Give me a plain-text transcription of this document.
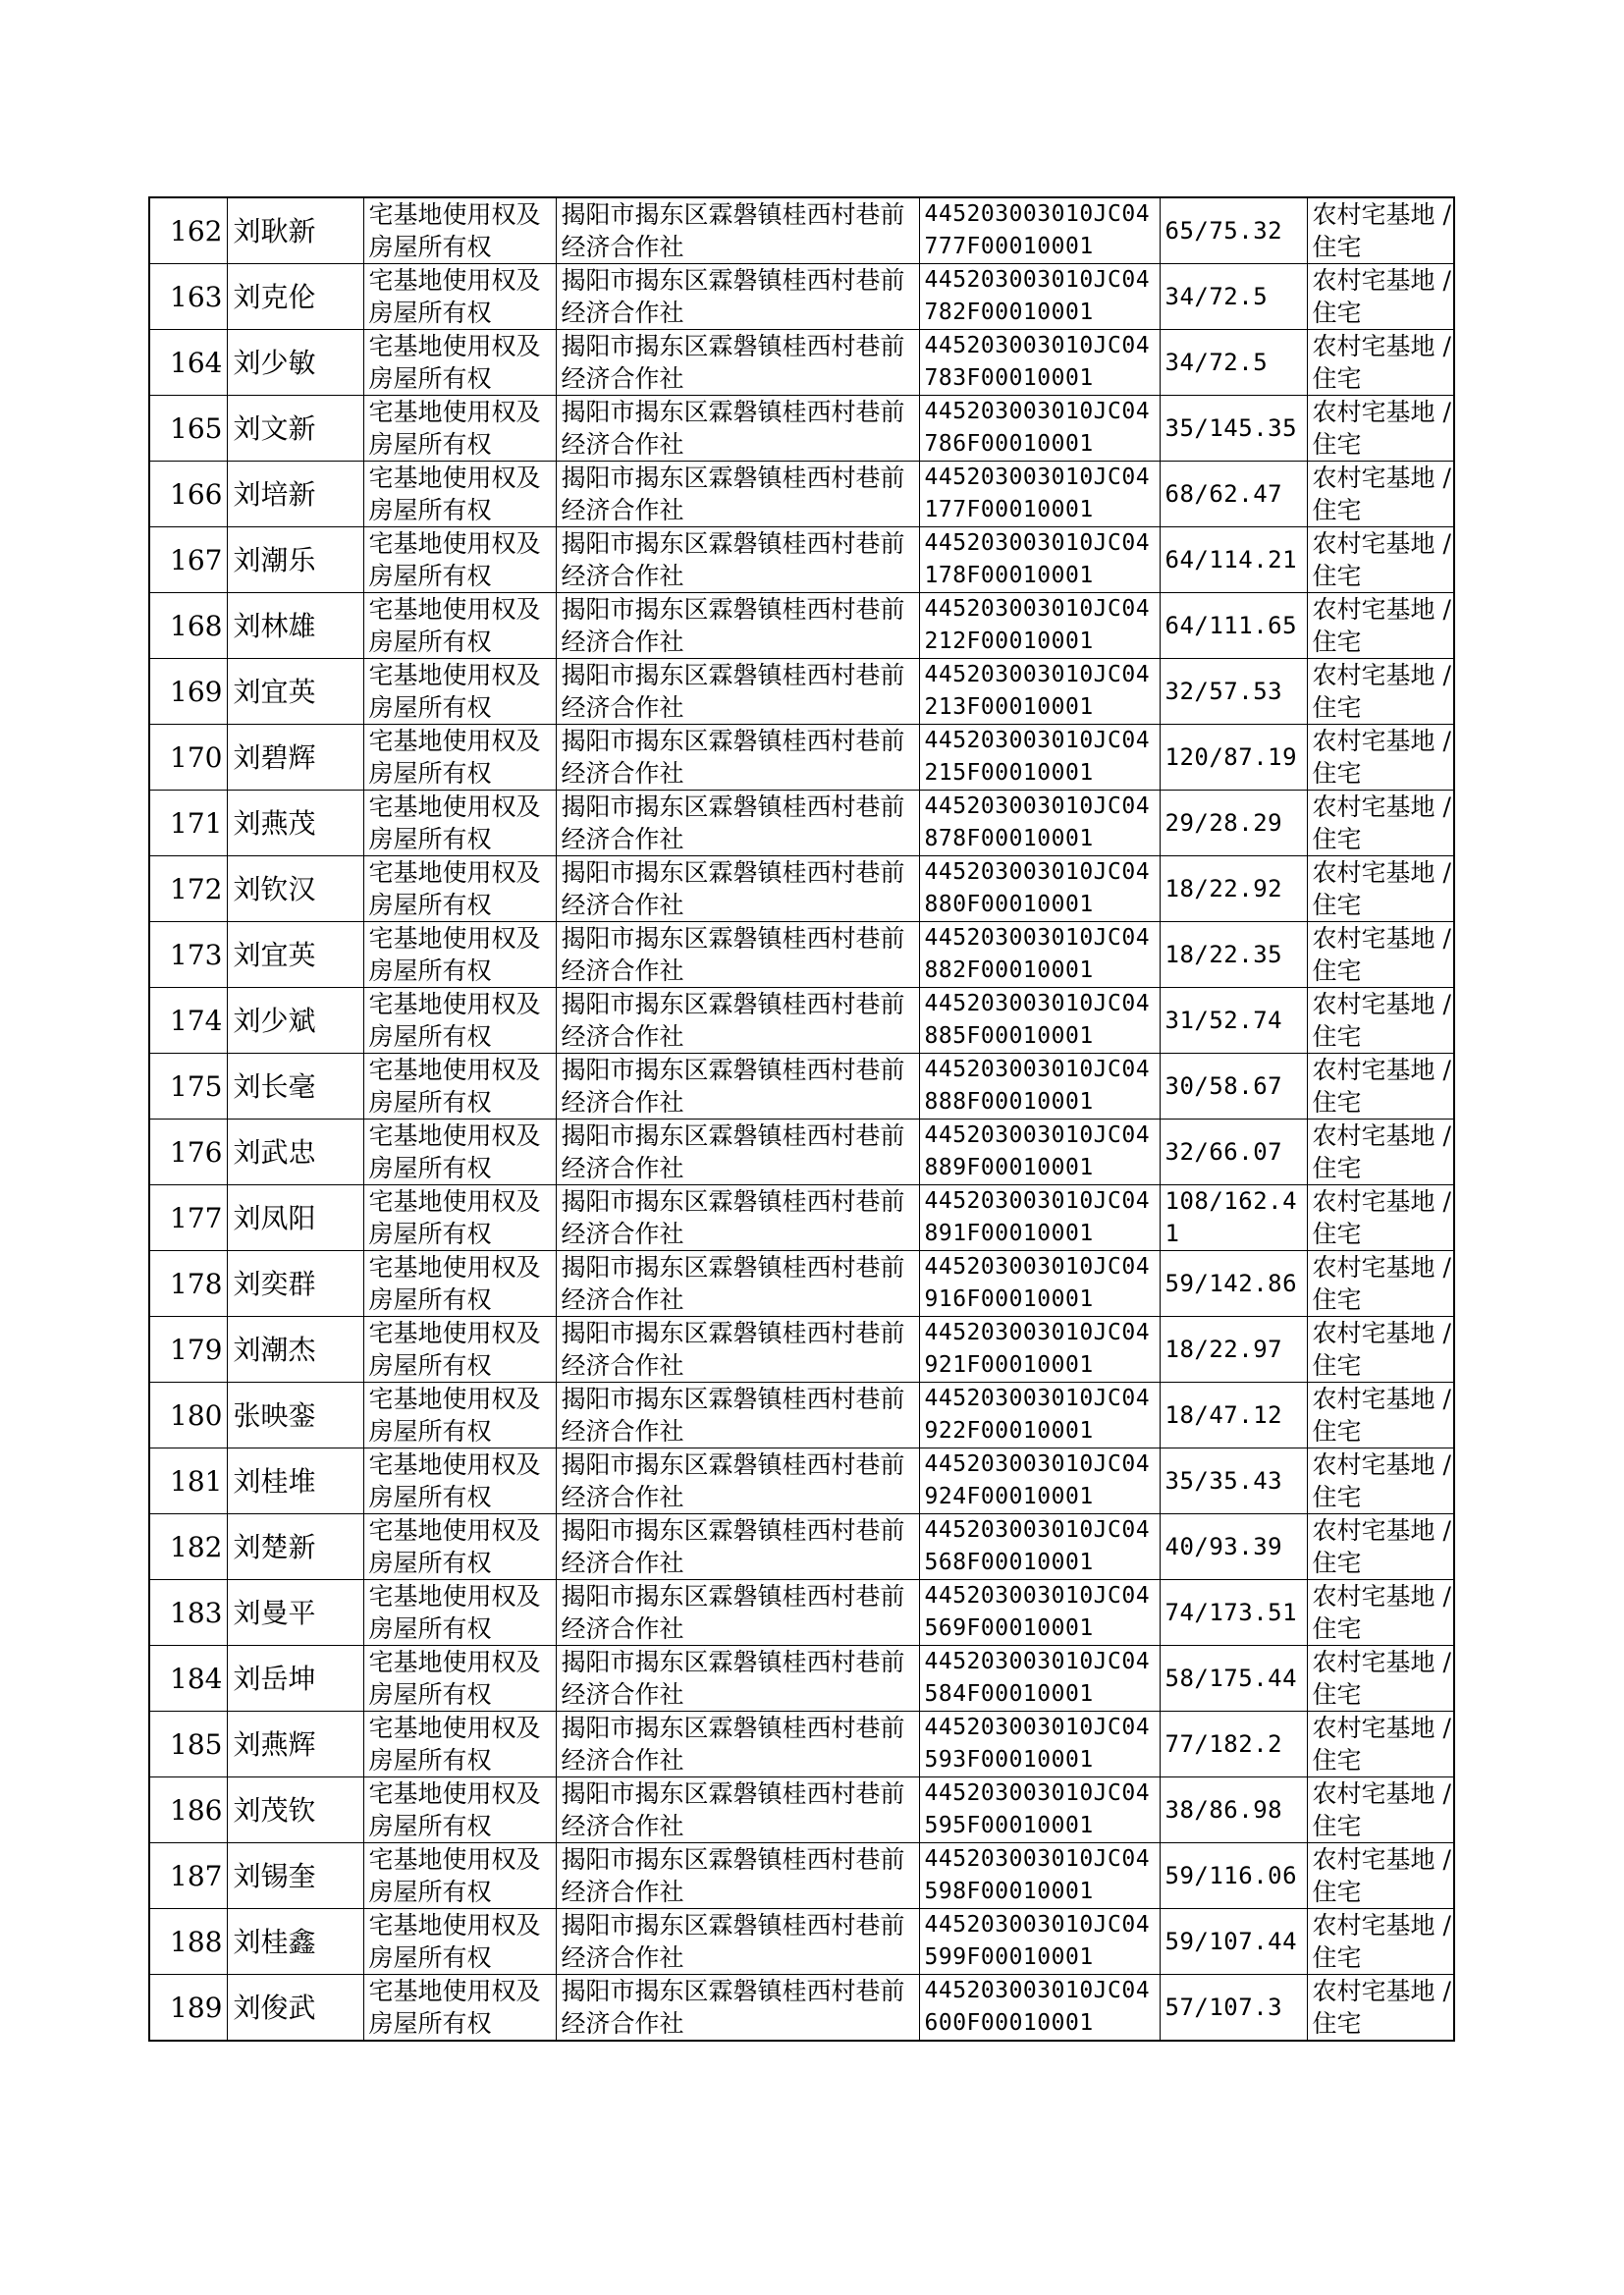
162	刘耿新	宅基地使用权及房屋所有权	揭阳市揭东区霖磐镇桂西村巷前经济合作社	445203003010JC04777F00010001	65/75.32	农村宅基地 / 住宅
163	刘克伦	宅基地使用权及房屋所有权	揭阳市揭东区霖磐镇桂西村巷前经济合作社	445203003010JC04782F00010001	34/72.5	农村宅基地 / 住宅
164	刘少敏	宅基地使用权及房屋所有权	揭阳市揭东区霖磐镇桂西村巷前经济合作社	445203003010JC04783F00010001	34/72.5	农村宅基地 / 住宅
165	刘文新	宅基地使用权及房屋所有权	揭阳市揭东区霖磐镇桂西村巷前经济合作社	445203003010JC04786F00010001	35/145.35	农村宅基地 / 住宅
166	刘培新	宅基地使用权及房屋所有权	揭阳市揭东区霖磐镇桂西村巷前经济合作社	445203003010JC04177F00010001	68/62.47	农村宅基地 / 住宅
167	刘潮乐	宅基地使用权及房屋所有权	揭阳市揭东区霖磐镇桂西村巷前经济合作社	445203003010JC04178F00010001	64/114.21	农村宅基地 / 住宅
168	刘林雄	宅基地使用权及房屋所有权	揭阳市揭东区霖磐镇桂西村巷前经济合作社	445203003010JC04212F00010001	64/111.65	农村宅基地 / 住宅
169	刘宜英	宅基地使用权及房屋所有权	揭阳市揭东区霖磐镇桂西村巷前经济合作社	445203003010JC04213F00010001	32/57.53	农村宅基地 / 住宅
170	刘碧辉	宅基地使用权及房屋所有权	揭阳市揭东区霖磐镇桂西村巷前经济合作社	445203003010JC04215F00010001	120/87.19	农村宅基地 / 住宅
171	刘燕茂	宅基地使用权及房屋所有权	揭阳市揭东区霖磐镇桂西村巷前经济合作社	445203003010JC04878F00010001	29/28.29	农村宅基地 / 住宅
172	刘钦汉	宅基地使用权及房屋所有权	揭阳市揭东区霖磐镇桂西村巷前经济合作社	445203003010JC04880F00010001	18/22.92	农村宅基地 / 住宅
173	刘宜英	宅基地使用权及房屋所有权	揭阳市揭东区霖磐镇桂西村巷前经济合作社	445203003010JC04882F00010001	18/22.35	农村宅基地 / 住宅
174	刘少斌	宅基地使用权及房屋所有权	揭阳市揭东区霖磐镇桂西村巷前经济合作社	445203003010JC04885F00010001	31/52.74	农村宅基地 / 住宅
175	刘长毫	宅基地使用权及房屋所有权	揭阳市揭东区霖磐镇桂西村巷前经济合作社	445203003010JC04888F00010001	30/58.67	农村宅基地 / 住宅
176	刘武忠	宅基地使用权及房屋所有权	揭阳市揭东区霖磐镇桂西村巷前经济合作社	445203003010JC04889F00010001	32/66.07	农村宅基地 / 住宅
177	刘凤阳	宅基地使用权及房屋所有权	揭阳市揭东区霖磐镇桂西村巷前经济合作社	445203003010JC04891F00010001	108/162.41	农村宅基地 / 住宅
178	刘奕群	宅基地使用权及房屋所有权	揭阳市揭东区霖磐镇桂西村巷前经济合作社	445203003010JC04916F00010001	59/142.86	农村宅基地 / 住宅
179	刘潮杰	宅基地使用权及房屋所有权	揭阳市揭东区霖磐镇桂西村巷前经济合作社	445203003010JC04921F00010001	18/22.97	农村宅基地 / 住宅
180	张映銮	宅基地使用权及房屋所有权	揭阳市揭东区霖磐镇桂西村巷前经济合作社	445203003010JC04922F00010001	18/47.12	农村宅基地 / 住宅
181	刘桂堆	宅基地使用权及房屋所有权	揭阳市揭东区霖磐镇桂西村巷前经济合作社	445203003010JC04924F00010001	35/35.43	农村宅基地 / 住宅
182	刘楚新	宅基地使用权及房屋所有权	揭阳市揭东区霖磐镇桂西村巷前经济合作社	445203003010JC04568F00010001	40/93.39	农村宅基地 / 住宅
183	刘曼平	宅基地使用权及房屋所有权	揭阳市揭东区霖磐镇桂西村巷前经济合作社	445203003010JC04569F00010001	74/173.51	农村宅基地 / 住宅
184	刘岳坤	宅基地使用权及房屋所有权	揭阳市揭东区霖磐镇桂西村巷前经济合作社	445203003010JC04584F00010001	58/175.44	农村宅基地 / 住宅
185	刘燕辉	宅基地使用权及房屋所有权	揭阳市揭东区霖磐镇桂西村巷前经济合作社	445203003010JC04593F00010001	77/182.2	农村宅基地 / 住宅
186	刘茂钦	宅基地使用权及房屋所有权	揭阳市揭东区霖磐镇桂西村巷前经济合作社	445203003010JC04595F00010001	38/86.98	农村宅基地 / 住宅
187	刘锡奎	宅基地使用权及房屋所有权	揭阳市揭东区霖磐镇桂西村巷前经济合作社	445203003010JC04598F00010001	59/116.06	农村宅基地 / 住宅
188	刘桂鑫	宅基地使用权及房屋所有权	揭阳市揭东区霖磐镇桂西村巷前经济合作社	445203003010JC04599F00010001	59/107.44	农村宅基地 / 住宅
189	刘俊武	宅基地使用权及房屋所有权	揭阳市揭东区霖磐镇桂西村巷前经济合作社	445203003010JC04600F00010001	57/107.3	农村宅基地 / 住宅
